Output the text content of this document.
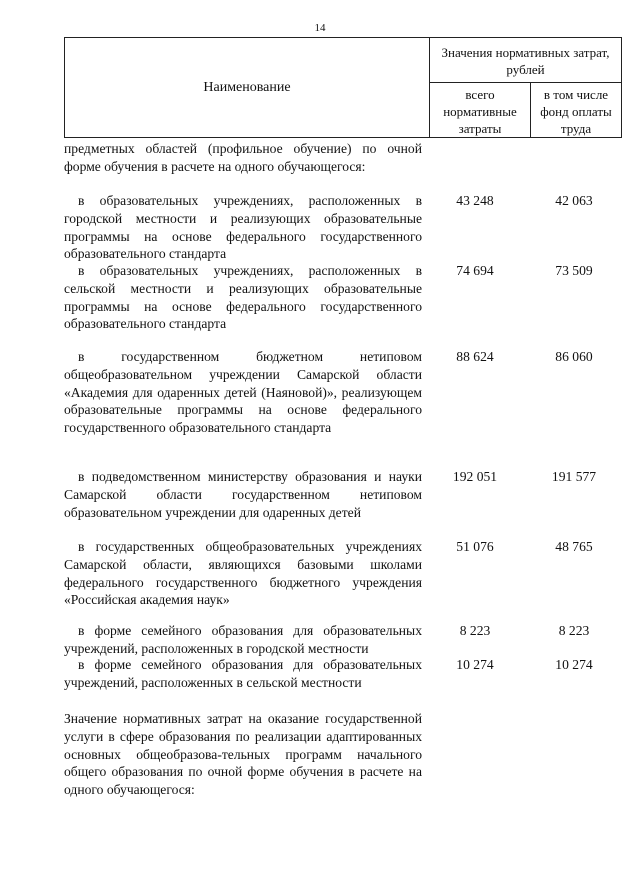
14
Наименование
Значения нормативных затрат, рублей
всего нормативные затраты
в том числе фонд оплаты труда

предметных областей (профильное обучение) по очной форме обучения в расчете на одного обучающегося:

в образовательных учреждениях, расположенных в городской местности и реализующих образовательные программы на основе федерального государственного образовательного стандарта

43 248	42 063

в образовательных учреждениях, расположенных в сельской местности и реализующих образовательные программы на основе федерального государственного образовательного стандарта

74 694	73 509

в государственном бюджетном нетиповом общеобразовательном учреждении Самарской области «Академия для одаренных детей (Наяновой)», реализующем образовательные программы на основе федерального государственного образовательного стандарта

88 624	86 060

в подведомственном министерству образования и науки Самарской области государственном нетиповом образовательном учреждении для одаренных детей

192 051	191 577

в государственных общеобразовательных учреждениях Самарской области, являющихся базовыми школами федерального государственного бюджетного учреждения «Российская академия наук»

51 076	48 765

в форме семейного образования для образовательных учреждений, расположенных в городской местности

8 223	8 223

в форме семейного образования для образовательных учреждений, расположенных в сельской местности

10 274	10 274

Значение нормативных затрат на оказание государственной услуги в сфере образования по реализации адаптированных основных общеобразова-тельных программ начального общего образования по очной форме обучения в расчете на одного обучающегося:
